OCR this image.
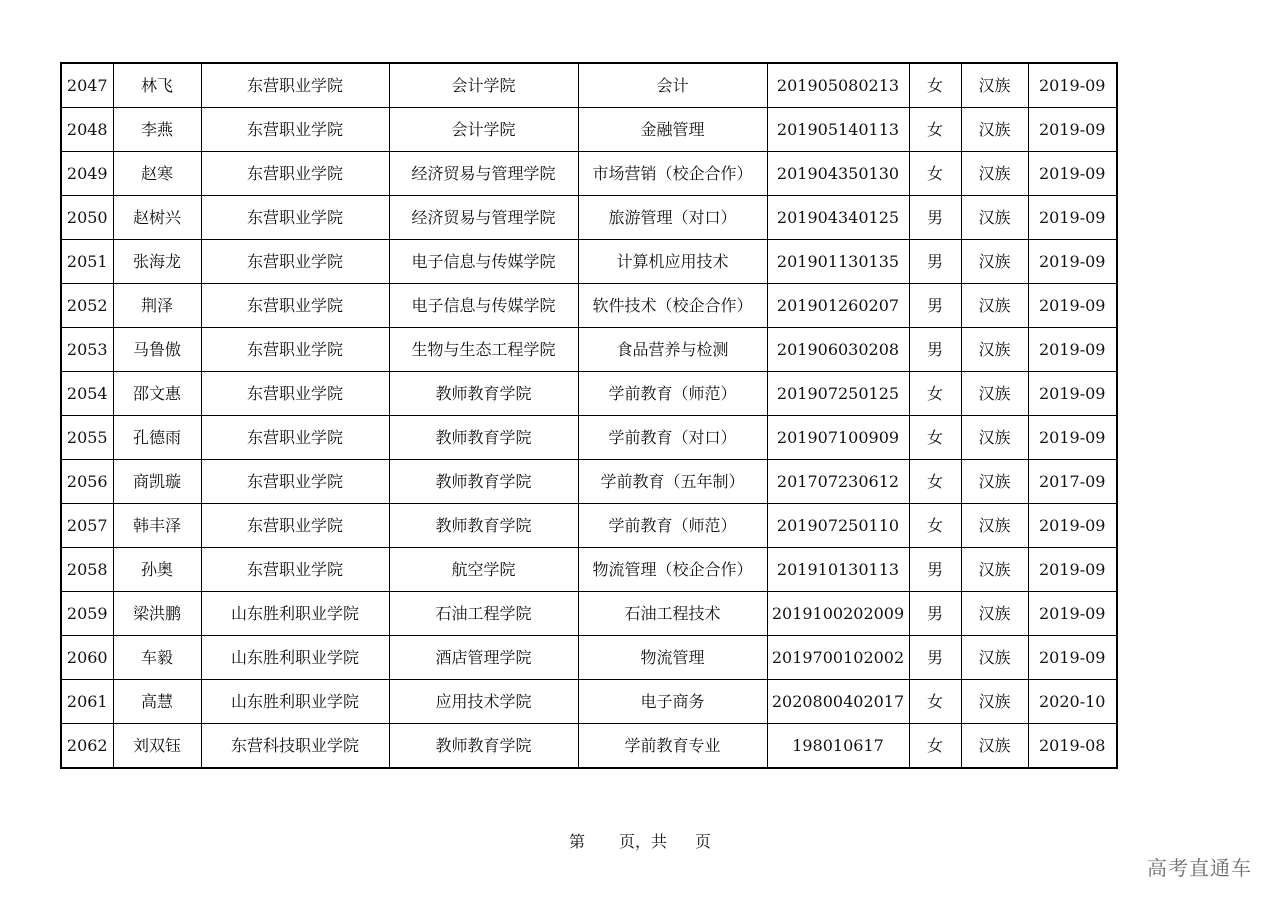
2047	林飞	东营职业学院	会计学院	会计	201905080213	女	汉族	2019-09
2048	李燕	东营职业学院	会计学院	金融管理	201905140113	女	汉族	2019-09
2049	赵寒	东营职业学院	经济贸易与管理学院	市场营销（校企合作）	201904350130	女	汉族	2019-09
2050	赵树兴	东营职业学院	经济贸易与管理学院	旅游管理（对口）	201904340125	男	汉族	2019-09
2051	张海龙	东营职业学院	电子信息与传媒学院	计算机应用技术	201901130135	男	汉族	2019-09
2052	荆泽	东营职业学院	电子信息与传媒学院	软件技术（校企合作）	201901260207	男	汉族	2019-09
2053	马鲁傲	东营职业学院	生物与生态工程学院	食品营养与检测	201906030208	男	汉族	2019-09
2054	邵文惠	东营职业学院	教师教育学院	学前教育（师范）	201907250125	女	汉族	2019-09
2055	孔德雨	东营职业学院	教师教育学院	学前教育（对口）	201907100909	女	汉族	2019-09
2056	商凯璇	东营职业学院	教师教育学院	学前教育（五年制）	201707230612	女	汉族	2017-09
2057	韩丰泽	东营职业学院	教师教育学院	学前教育（师范）	201907250110	女	汉族	2019-09
2058	孙奥	东营职业学院	航空学院	物流管理（校企合作）	201910130113	男	汉族	2019-09
2059	梁洪鹏	山东胜利职业学院	石油工程学院	石油工程技术	2019100202009	男	汉族	2019-09
2060	车毅	山东胜利职业学院	酒店管理学院	物流管理	2019700102002	男	汉族	2019-09
2061	高慧	山东胜利职业学院	应用技术学院	电子商务	2020800402017	女	汉族	2020-10
2062	刘双钰	东营科技职业学院	教师教育学院	学前教育专业	198010617	女	汉族	2019-08
第 页，共 页
高考直通车
